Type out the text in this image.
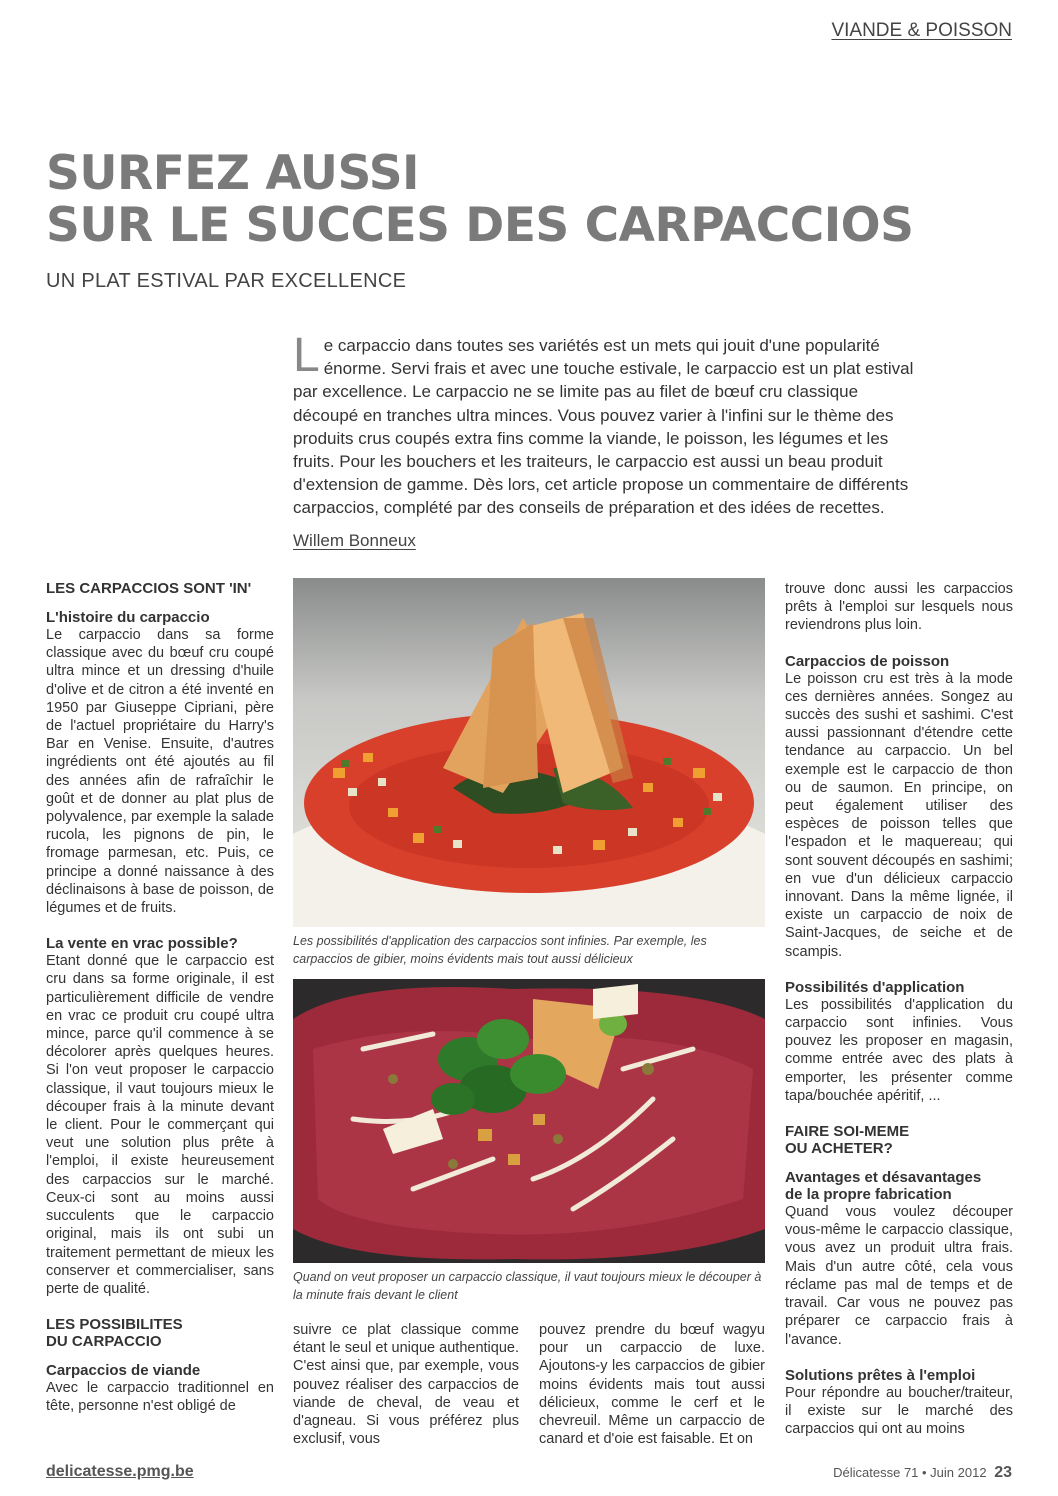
VIANDE & POISSON
SURFEZ AUSSI
SUR LE SUCCES DES CARPACCIOS
UN PLAT ESTIVAL PAR EXCELLENCE
Le carpaccio dans toutes ses variétés est un mets qui jouit d'une popularité énorme. Servi frais et avec une touche estivale, le carpaccio est un plat estival par excellence. Le carpaccio ne se limite pas au filet de bœuf cru classique découpé en tranches ultra minces. Vous pouvez varier à l'infini sur le thème des produits crus coupés extra fins comme la viande, le poisson, les légumes et les fruits. Pour les bouchers et les traiteurs, le carpaccio est aussi un beau produit d'extension de gamme. Dès lors, cet article propose un commentaire de différents carpaccios, complété par des conseils de préparation et des idées de recettes.
Willem Bonneux
LES CARPACCIOS SONT 'IN'
L'histoire du carpaccio

Le carpaccio dans sa forme classique avec du bœuf cru coupé ultra mince et un dressing d'huile d'olive et de citron a été inventé en 1950 par Giuseppe Cipriani, père de l'actuel propriétaire du Harry's Bar en Venise. Ensuite, d'autres ingrédients ont été ajoutés au fil des années afin de rafraîchir le goût et de donner au plat plus de polyvalence, par exemple la salade rucola, les pignons de pin, le fromage parmesan, etc. Puis, ce principe a donné naissance à des déclinaisons à base de poisson, de légumes et de fruits.

La vente en vrac possible?

Etant donné que le carpaccio est cru dans sa forme originale, il est particulièrement difficile de vendre en vrac ce produit cru coupé ultra mince, parce qu'il commence à se décolorer après quelques heures. Si l'on veut proposer le carpaccio classique, il vaut toujours mieux le découper frais à la minute devant le client. Pour le commerçant qui veut une solution plus prête à l'emploi, il existe heureusement des carpaccios sur le marché. Ceux-ci sont au moins aussi succulents que le carpaccio original, mais ils ont subi un traitement permettant de mieux les conserver et commercialiser, sans perte de qualité.

LES POSSIBILITES
DU CARPACCIO
Carpaccios de viande

Avec le carpaccio traditionnel en tête, personne n'est obligé de

Les possibilités d'application des carpaccios sont infinies. Par exemple, les carpaccios de gibier, moins évidents mais tout aussi délicieux
Quand on veut proposer un carpaccio classique, il vaut toujours mieux le découper à la minute frais devant le client

suivre ce plat classique comme étant le seul et unique authentique. C'est ainsi que, par exemple, vous pouvez réaliser des carpaccios de viande de cheval, de veau et d'agneau. Si vous préférez plus exclusif, vous

pouvez prendre du bœuf wagyu pour un carpaccio de luxe. Ajoutons-y les carpaccios de gibier moins évidents mais tout aussi délicieux, comme le cerf et le chevreuil. Même un carpaccio de canard et d'oie est faisable. Et on

trouve donc aussi les carpaccios prêts à l'emploi sur lesquels nous reviendrons plus loin.

Carpaccios de poisson

Le poisson cru est très à la mode ces dernières années. Songez au succès des sushi et sashimi. C'est aussi passionnant d'étendre cette tendance au carpaccio. Un bel exemple est le carpaccio de thon ou de saumon. En principe, on peut également utiliser des espèces de poisson telles que l'espadon et le maquereau; qui sont souvent découpés en sashimi; en vue d'un délicieux carpaccio innovant. Dans la même lignée, il existe un carpaccio de noix de Saint-Jacques, de seiche et de scampis.

Possibilités d'application

Les possibilités d'application du carpaccio sont infinies. Vous pouvez les proposer en magasin, comme entrée avec des plats à emporter, les présenter comme tapa/bouchée apéritif, ...

FAIRE SOI-MEME
OU ACHETER?
Avantages et désavantages
de la propre fabrication

Quand vous voulez découper vous-même le carpaccio classique, vous avez un produit ultra frais. Mais d'un autre côté, cela vous réclame pas mal de temps et de travail. Car vous ne pouvez pas préparer ce carpaccio frais à l'avance.

Solutions prêtes à l'emploi

Pour répondre au boucher/traiteur, il existe sur le marché des carpaccios qui ont au moins

delicatesse.pmg.be	Délicatesse 71 • Juin 2012 23
